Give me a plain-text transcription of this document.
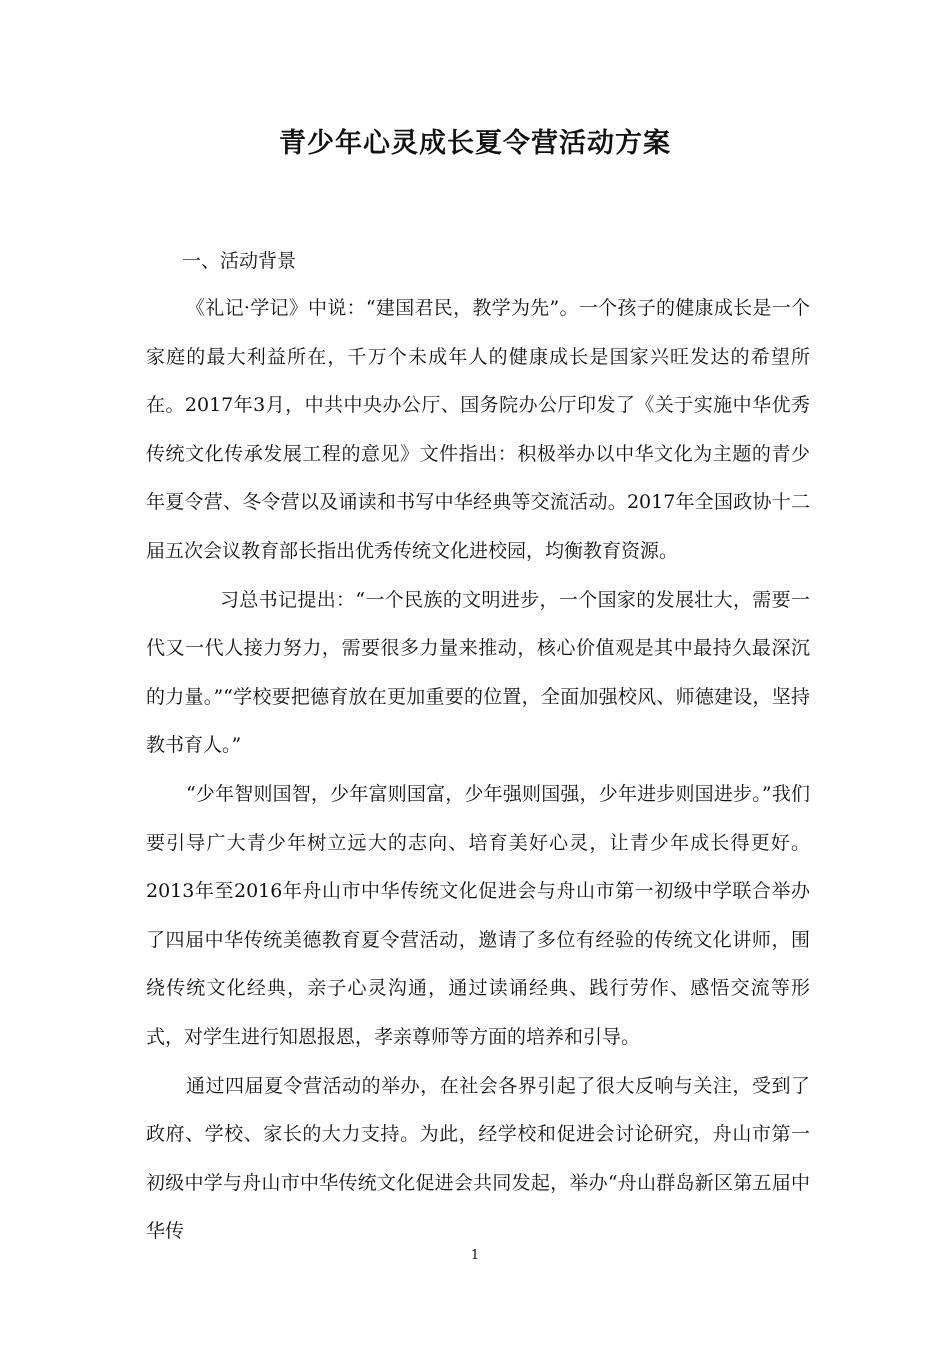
青少年心灵成长夏令营活动方案

一、活动背景

《礼记·学记》中说：“建国君民，教学为先”。一个孩子的健康成长是一个家庭的最大利益所在，千万个未成年人的健康成长是国家兴旺发达的希望所在。2017年3月，中共中央办公厅、国务院办公厅印发了《关于实施中华优秀传统文化传承发展工程的意见》文件指出：积极举办以中华文化为主题的青少年夏令营、冬令营以及诵读和书写中华经典等交流活动。2017年全国政协十二届五次会议教育部长指出优秀传统文化进校园，均衡教育资源。

习总书记提出：“一个民族的文明进步，一个国家的发展壮大，需要一代又一代人接力努力，需要很多力量来推动，核心价值观是其中最持久最深沉的力量。”“学校要把德育放在更加重要的位置，全面加强校风、师德建设，坚持教书育人。”

“少年智则国智，少年富则国富，少年强则国强，少年进步则国进步。”我们要引导广大青少年树立远大的志向、培育美好心灵，让青少年成长得更好。2013年至2016年舟山市中华传统文化促进会与舟山市第一初级中学联合举办了四届中华传统美德教育夏令营活动，邀请了多位有经验的传统文化讲师，围绕传统文化经典，亲子心灵沟通，通过读诵经典、践行劳作、感悟交流等形式，对学生进行知恩报恩，孝亲尊师等方面的培养和引导。

通过四届夏令营活动的举办，在社会各界引起了很大反响与关注，受到了政府、学校、家长的大力支持。为此，经学校和促进会讨论研究，舟山市第一初级中学与舟山市中华传统文化促进会共同发起，举办“舟山群岛新区第五届中华传

1
